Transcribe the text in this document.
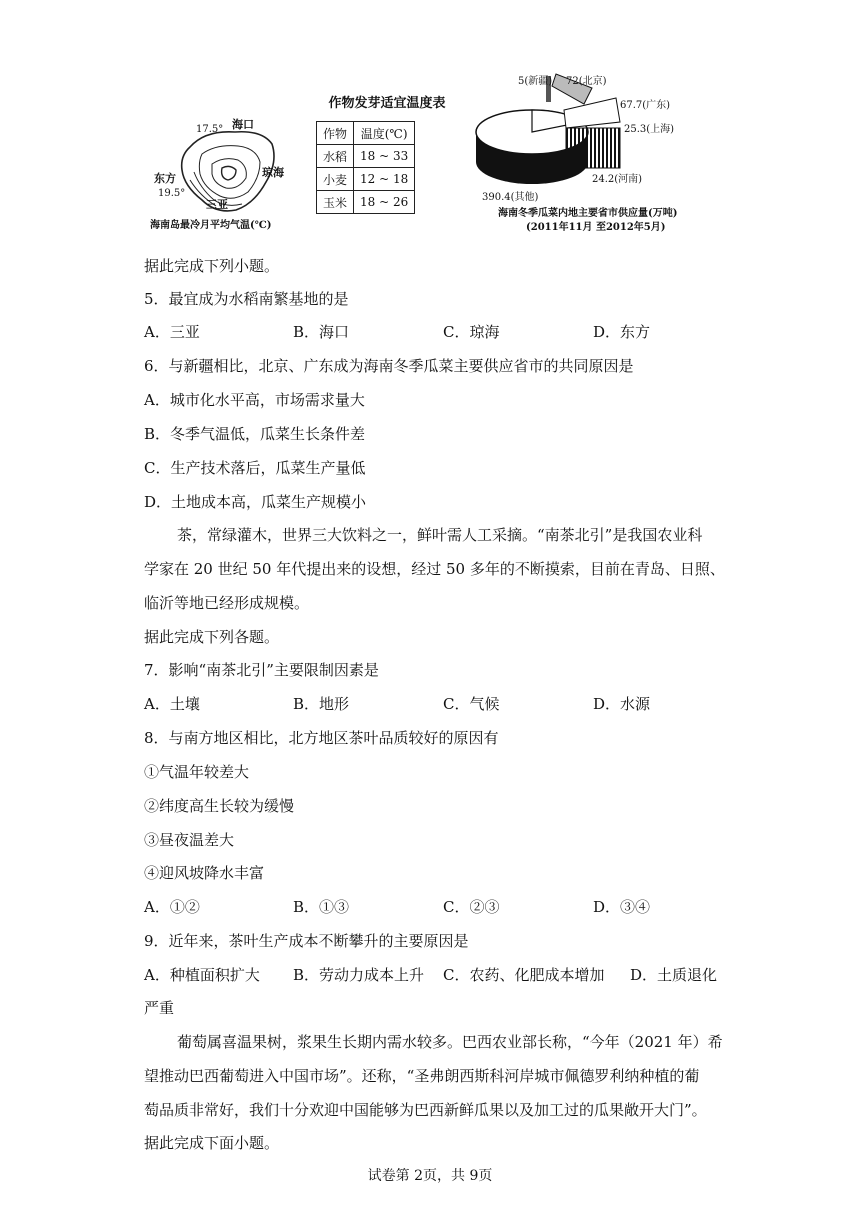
海口
琼海
三亚
东方
17.5°
19.5°
海南岛最冷月平均气温(℃)
作物发芽适宜温度表
作物	温度(℃)
水稻	18 ~ 33
小麦	12 ~ 18
玉米	18 ~ 26
5(新疆) 72(北京)
67.7(广东)
25.3(上海)
24.2(河南)
390.4(其他)
海南冬季瓜菜内地主要省市供应量(万吨)
(2011年11月 至2012年5月)
据此完成下列小题。
5．最宜成为水稻南繁基地的是
A．三亚	B．海口	C．琼海	D．东方
6．与新疆相比，北京、广东成为海南冬季瓜菜主要供应省市的共同原因是
A．城市化水平高，市场需求量大
B．冬季气温低，瓜菜生长条件差
C．生产技术落后，瓜菜生产量低
D．土地成本高，瓜菜生产规模小
茶，常绿灌木，世界三大饮料之一，鲜叶需人工采摘。“南茶北引”是我国农业科
学家在 20 世纪 50 年代提出来的设想，经过 50 多年的不断摸索，目前在青岛、日照、
临沂等地已经形成规模。
据此完成下列各题。
7．影响“南茶北引”主要限制因素是
A．土壤	B．地形	C．气候	D．水源
8．与南方地区相比，北方地区茶叶品质较好的原因有
①气温年较差大
②纬度高生长较为缓慢
③昼夜温差大
④迎风坡降水丰富
A．①②	B．①③	C．②③	D．③④
9．近年来，茶叶生产成本不断攀升的主要原因是
A．种植面积扩大 B．劳动力成本上升 C．农药、化肥成本增加 D．土质退化
严重
葡萄属喜温果树，浆果生长期内需水较多。巴西农业部长称，“今年（2021 年）希
望推动巴西葡萄进入中国市场”。还称，“圣弗朗西斯科河岸城市佩德罗利纳种植的葡
萄品质非常好，我们十分欢迎中国能够为巴西新鲜瓜果以及加工过的瓜果敞开大门”。
据此完成下面小题。
试卷第 2页，共 9页
